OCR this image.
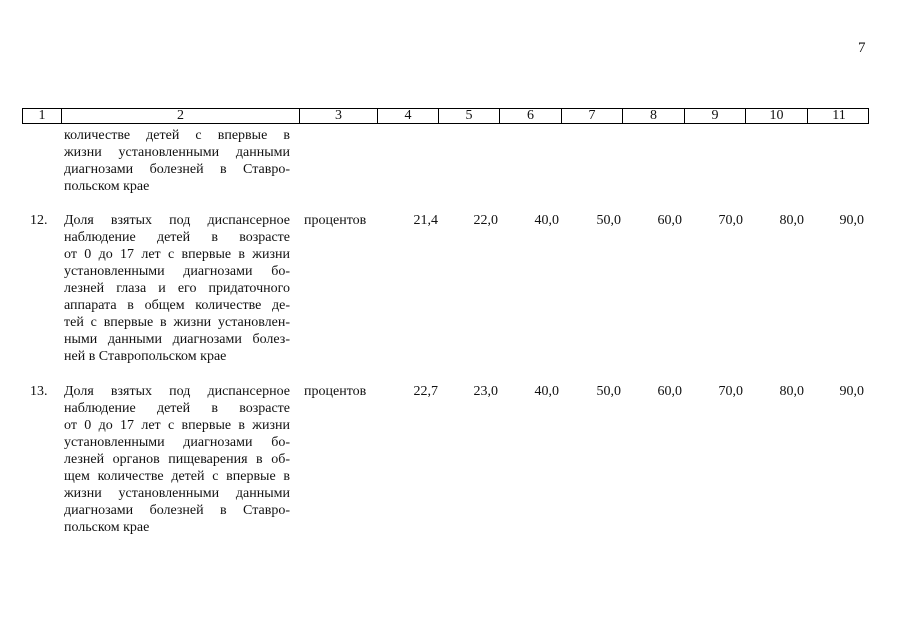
7
1	2	3	4	5	6	7	8	9	10	11
количестве детей с впервые в
жизни установленными данными
диагнозами болезней в Ставро-
польском крае
12. Доля взятых под диспансерное
наблюдение детей в возрасте
от 0 до 17 лет с впервые в жизни
установленными диагнозами бо-
лезней глаза и его придаточного
аппарата в общем количестве де-
тей с впервые в жизни установлен-
ными данными диагнозами болез-
ней в Ставропольском крае
процентов	21,4	22,0	40,0	50,0	60,0	70,0	80,0	90,0
13. Доля взятых под диспансерное
наблюдение детей в возрасте
от 0 до 17 лет с впервые в жизни
установленными диагнозами бо-
лезней органов пищеварения в об-
щем количестве детей с впервые в
жизни установленными данными
диагнозами болезней в Ставро-
польском крае
процентов	22,7	23,0	40,0	50,0	60,0	70,0	80,0	90,0
